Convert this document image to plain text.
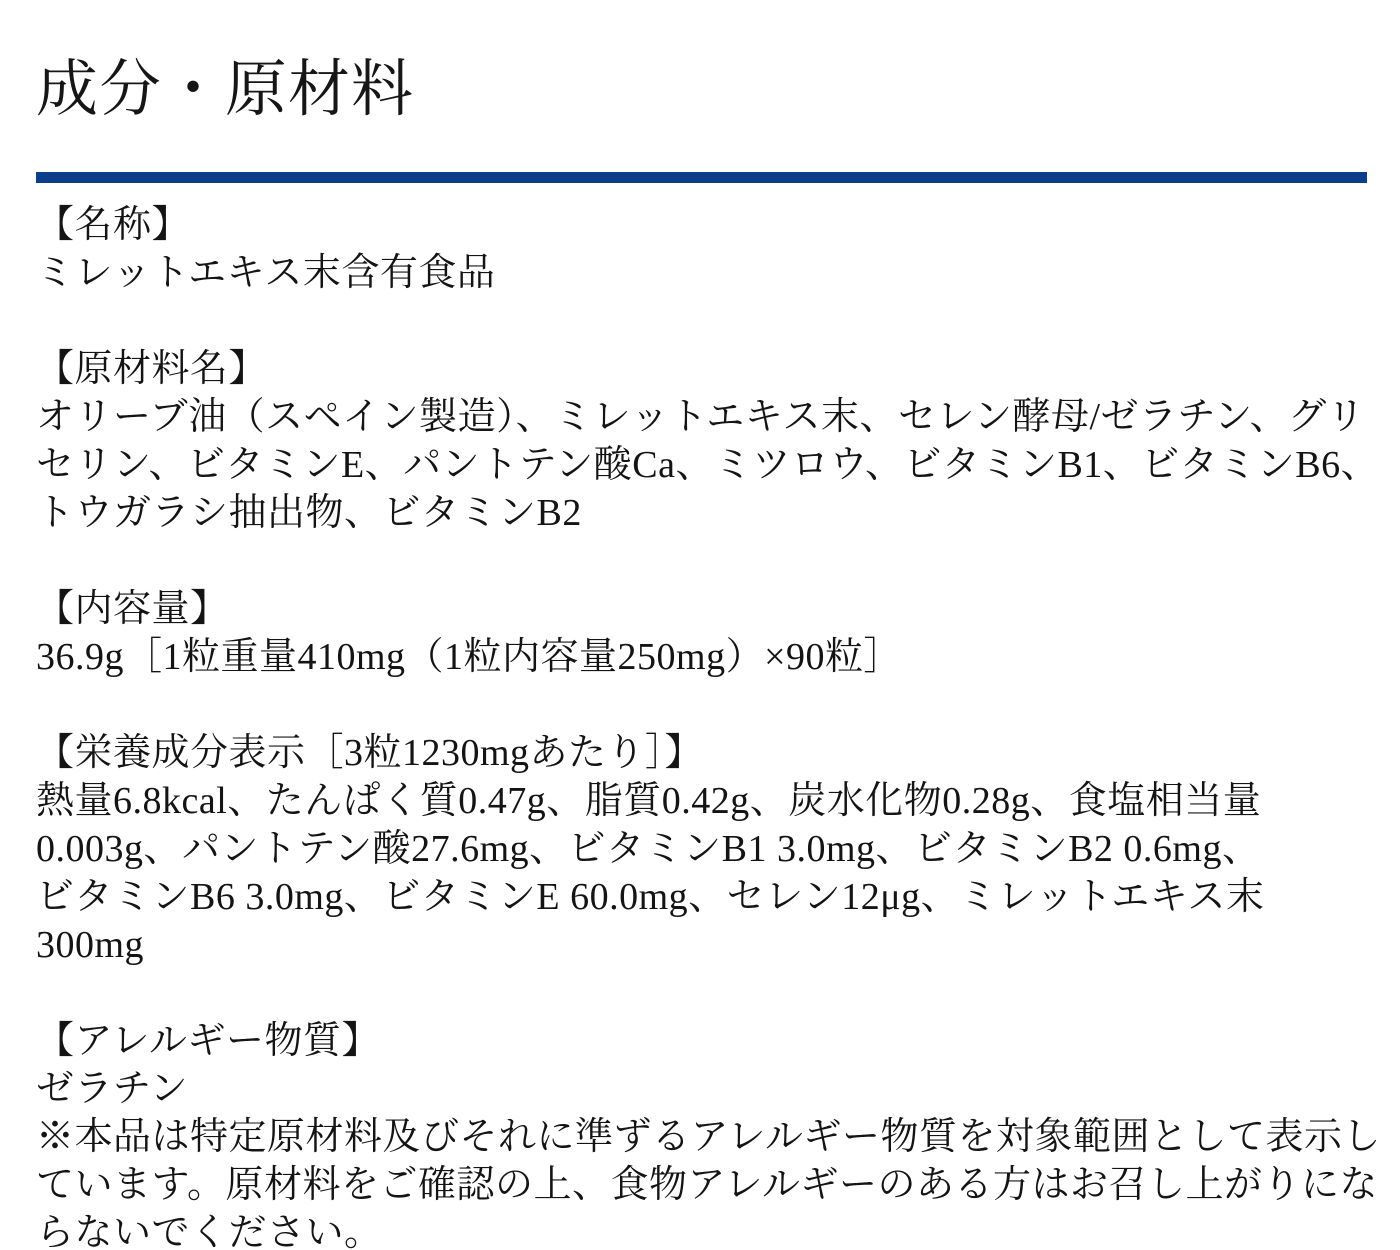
成分・原材料
【名称】
ミレットエキス末含有食品
【原材料名】
オリーブ油（スペイン製造）、ミレットエキス末、セレン酵母/ゼラチン、グリ
セリン、ビタミンE、パントテン酸Ca、ミツロウ、ビタミンB1、ビタミンB6、
トウガラシ抽出物、ビタミンB2
【内容量】
36.9g［1粒重量410mg（1粒内容量250mg）×90粒］
【栄養成分表示［3粒1230mgあたり］】
熱量6.8kcal、たんぱく質0.47g、脂質0.42g、炭水化物0.28g、食塩相当量
0.003g、パントテン酸27.6mg、ビタミンB1 3.0mg、ビタミンB2 0.6mg、
ビタミンB6 3.0mg、ビタミンE 60.0mg、セレン12μg、ミレットエキス末
300mg
【アレルギー物質】
ゼラチン
※本品は特定原材料及びそれに準ずるアレルギー物質を対象範囲として表示し
ています。原材料をご確認の上、食物アレルギーのある方はお召し上がりにな
らないでください。
